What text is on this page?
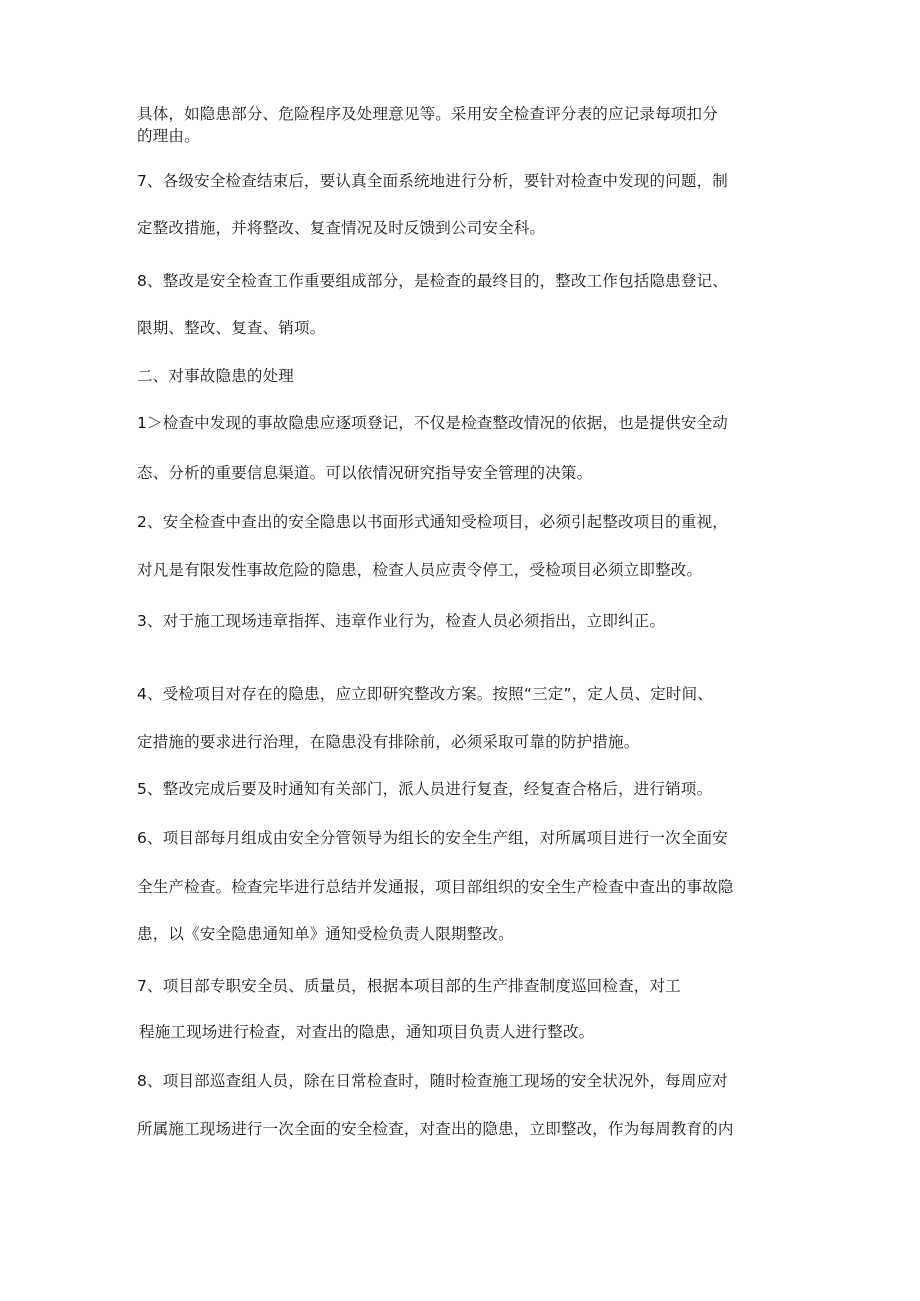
具体，如隐患部分、危险程序及处理意见等。采用安全检查评分表的应记录每项扣分
的理由。
7、各级安全检查结束后，要认真全面系统地进行分析，要针对检查中发现的问题，制
定整改措施，并将整改、复查情况及时反馈到公司安全科。
8、整改是安全检查工作重要组成部分，是检查的最终目的，整改工作包括隐患登记、
限期、整改、复查、销项。
二、对事故隐患的处理
1＞检查中发现的事故隐患应逐项登记，不仅是检查整改情况的依据，也是提供安全动
态、分析的重要信息渠道。可以依情况研究指导安全管理的决策。
2、安全检查中查出的安全隐患以书面形式通知受检项目，必须引起整改项目的重视，
对凡是有限发性事故危险的隐患，检查人员应责令停工，受检项目必须立即整改。
3、对于施工现场违章指挥、违章作业行为，检查人员必须指出，立即纠正。
4、受检项目对存在的隐患，应立即研究整改方案。按照“三定”，定人员、定时间、
定措施的要求进行治理，在隐患没有排除前，必须采取可靠的防护措施。
5、整改完成后要及时通知有关部门，派人员进行复查，经复查合格后，进行销项。
6、项目部每月组成由安全分管领导为组长的安全生产组，对所属项目进行一次全面安
全生产检查。检查完毕进行总结并发通报，项目部组织的安全生产检查中查出的事故隐
患，以《安全隐患通知单》通知受检负责人限期整改。
7、项目部专职安全员、质量员，根据本项目部的生产排查制度巡回检查，对工
程施工现场进行检查，对查出的隐患，通知项目负责人进行整改。
8、项目部巡查组人员，除在日常检查时，随时检查施工现场的安全状况外，每周应对
所属施工现场进行一次全面的安全检查，对查出的隐患，立即整改，作为每周教育的内
